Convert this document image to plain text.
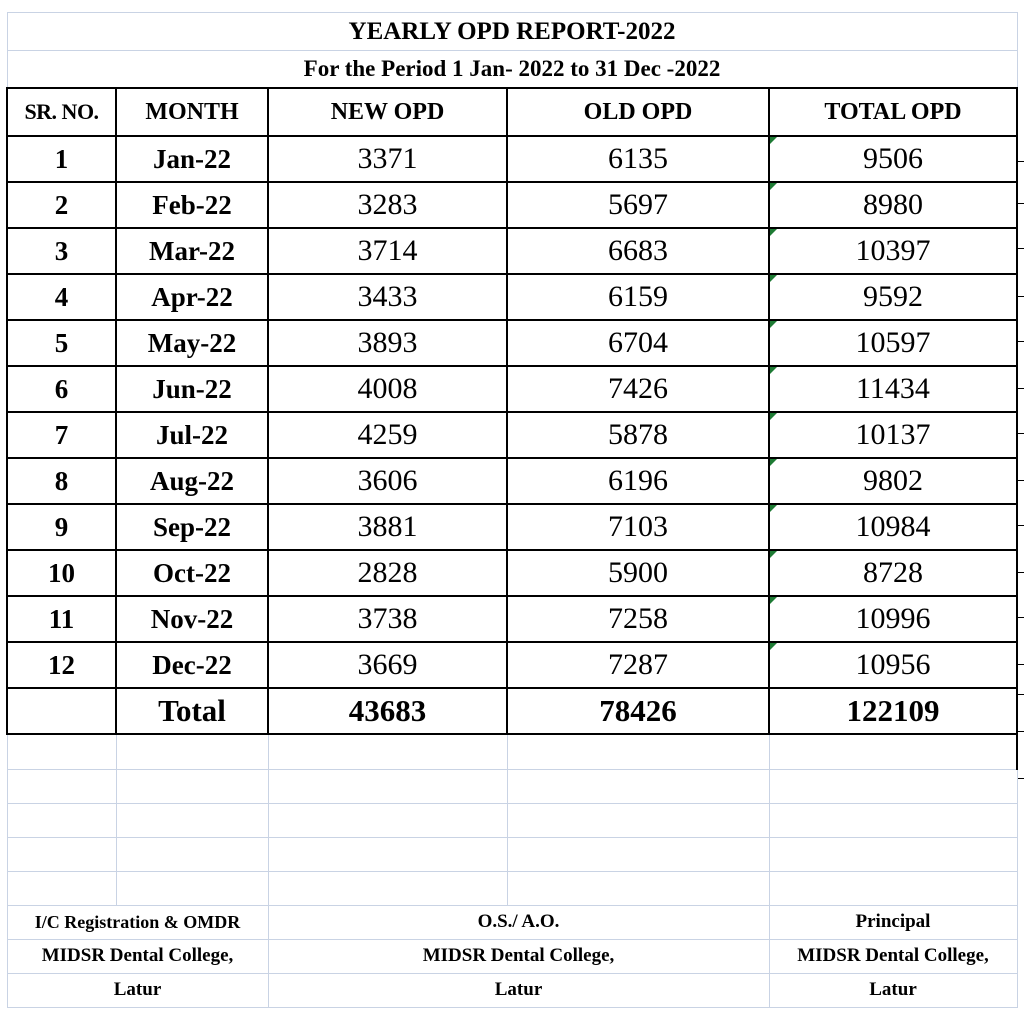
YEARLY OPD REPORT-2022				
For the Period 1 Jan- 2022 to 31 Dec -2022				
SR. NO.	MONTH	NEW OPD	OLD OPD	TOTAL OPD
1	Jan-22	3371	6135	9506
2	Feb-22	3283	5697	8980
3	Mar-22	3714	6683	10397
4	Apr-22	3433	6159	9592
5	May-22	3893	6704	10597
6	Jun-22	4008	7426	11434
7	Jul-22	4259	5878	10137
8	Aug-22	3606	6196	9802
9	Sep-22	3881	7103	10984
10	Oct-22	2828	5900	8728
11	Nov-22	3738	7258	10996
12	Dec-22	3669	7287	10956
	Total	43683	78426	122109

I/C Registration & OMDR		O.S./ A.O.		Principal
MIDSR Dental College,		MIDSR Dental College,		MIDSR Dental College,
Latur		Latur		Latur
